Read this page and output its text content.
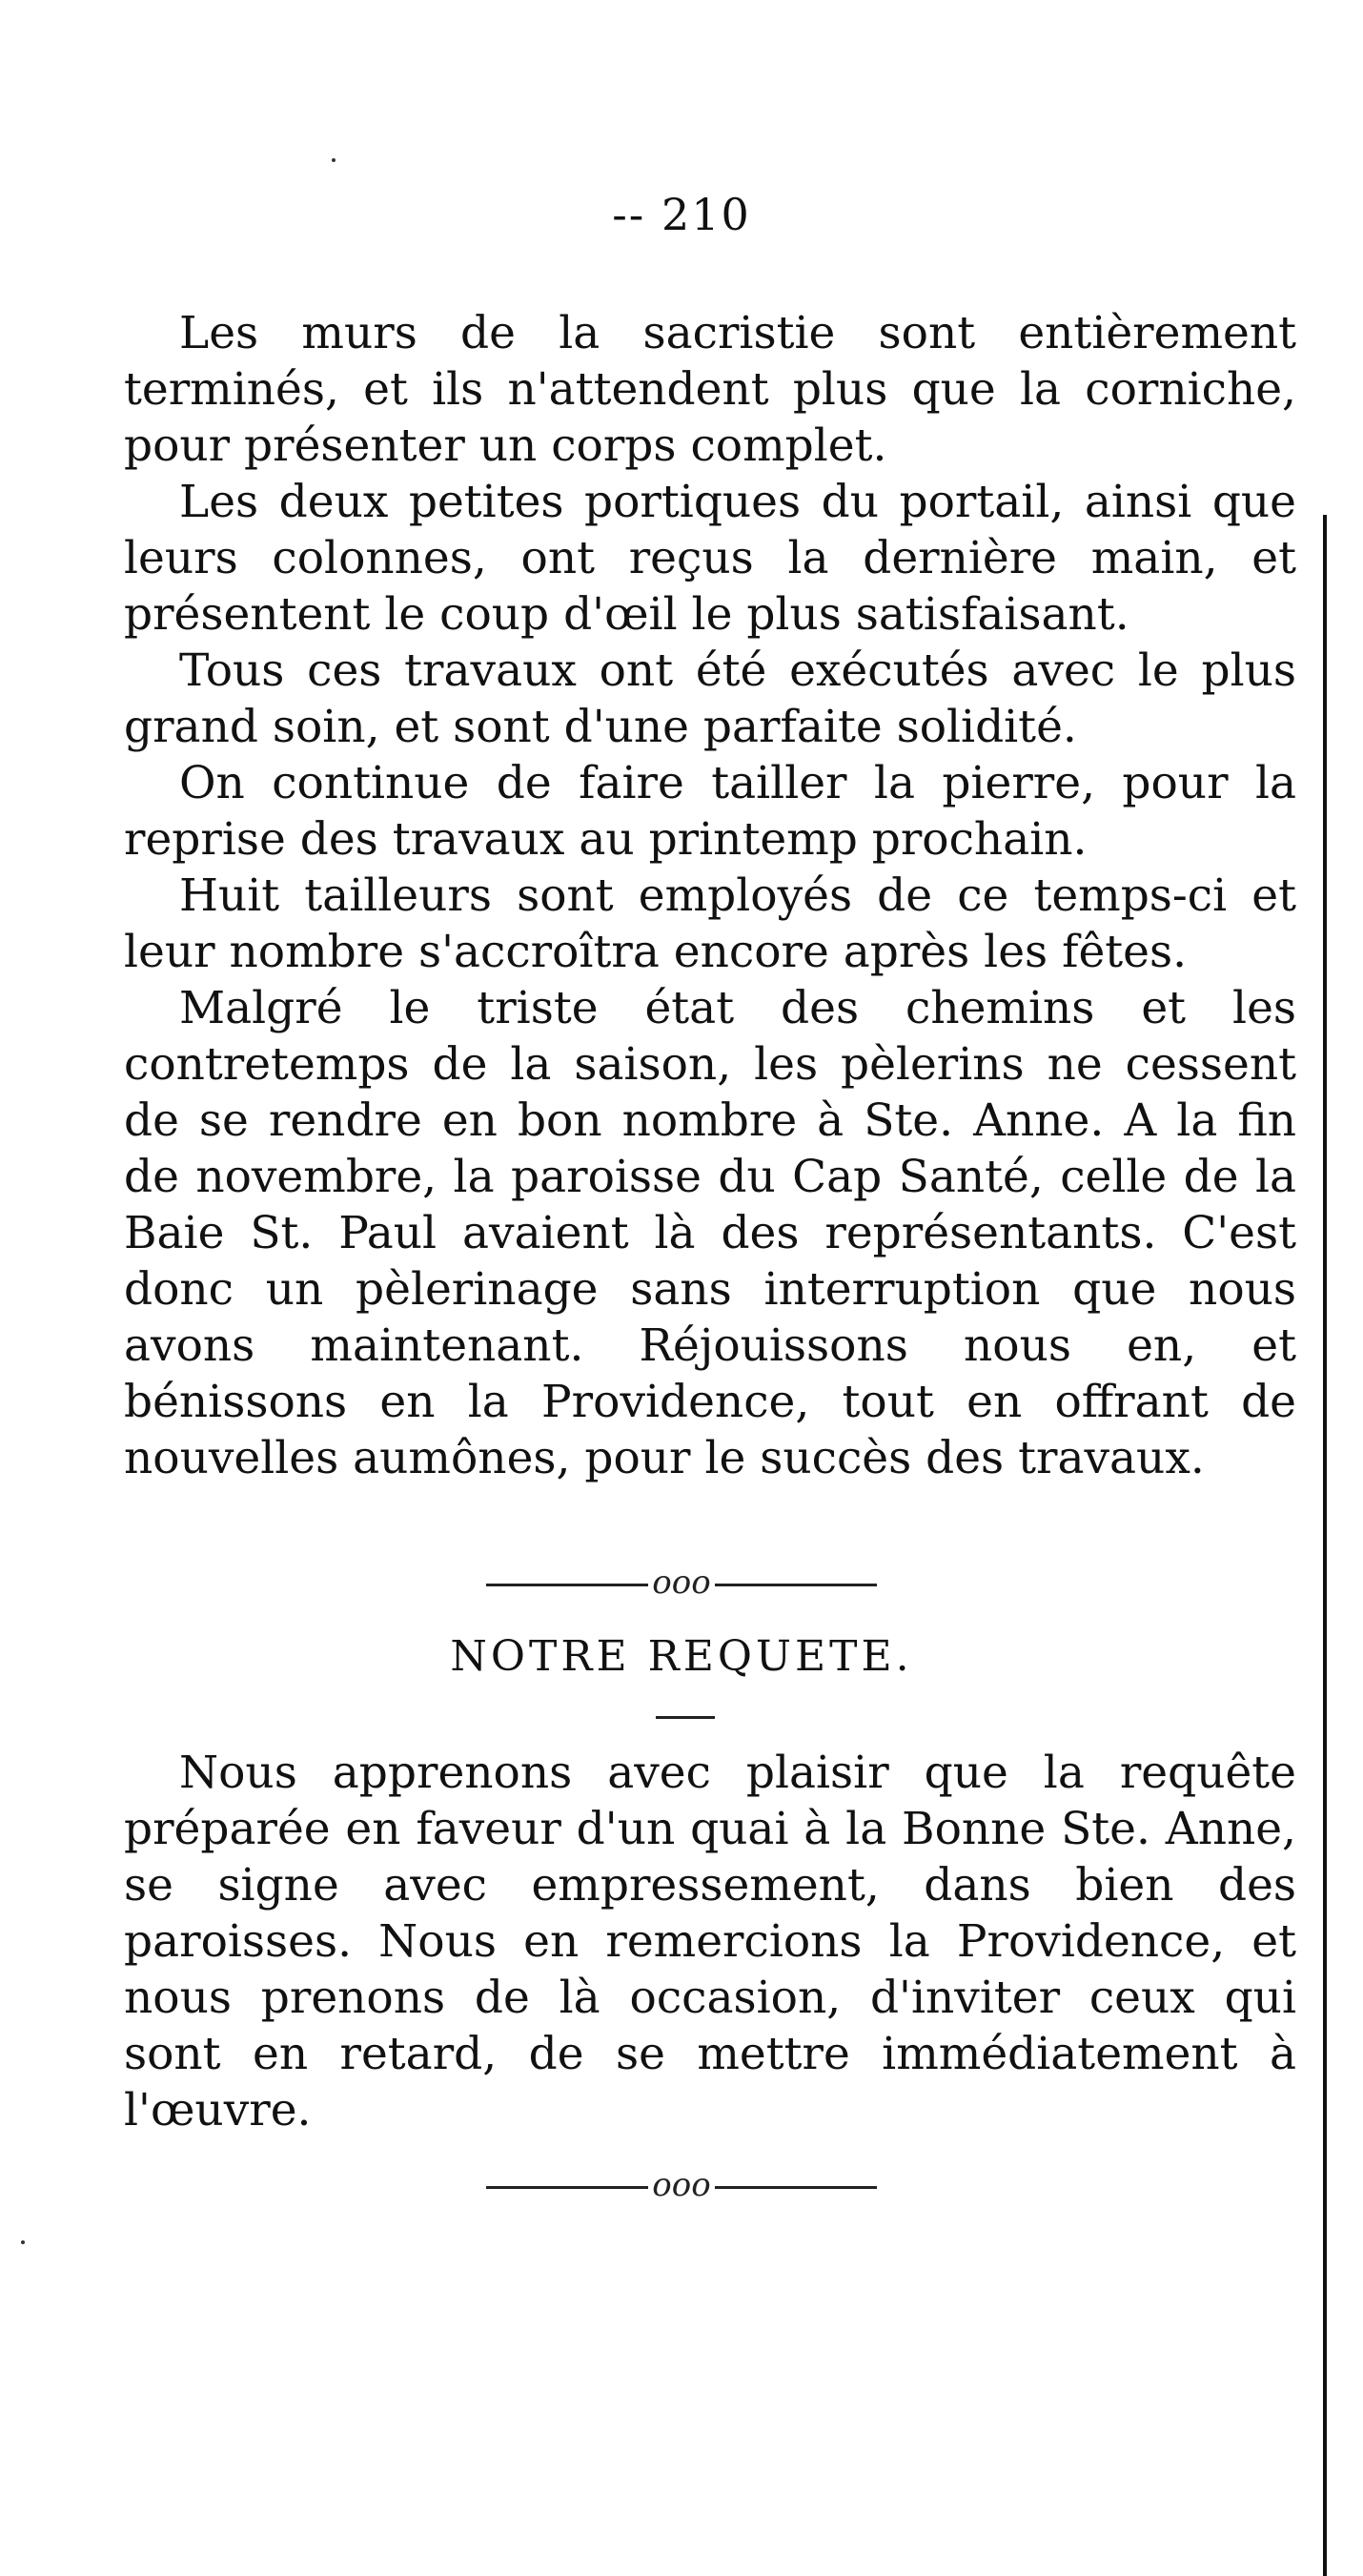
-- 210

Les murs de la sacristie sont entièrement terminés, et ils n'attendent plus que la corniche, pour présenter un corps complet.

Les deux petites portiques du portail, ainsi que leurs colonnes, ont reçus la dernière main, et présentent le coup d'œil le plus satisfaisant.

Tous ces travaux ont été exécutés avec le plus grand soin, et sont d'une parfaite solidité.

On continue de faire tailler la pierre, pour la reprise des travaux au printemp prochain.

Huit tailleurs sont employés de ce temps-ci et leur nombre s'accroîtra encore après les fêtes.

Malgré le triste état des chemins et les contretemps de la saison, les pèlerins ne cessent de se rendre en bon nombre à Ste. Anne. A la fin de novembre, la paroisse du Cap Santé, celle de la Baie St. Paul avaient là des représentants. C'est donc un pèlerinage sans interruption que nous avons maintenant. Réjouissons nous en, et bénissons en la Providence, tout en offrant de nouvelles aumônes, pour le succès des travaux.

ooo
NOTRE REQUETE.

Nous apprenons avec plaisir que la requête préparée en faveur d'un quai à la Bonne Ste. Anne, se signe avec empressement, dans bien des paroisses. Nous en remercions la Providence, et nous prenons de là occasion, d'inviter ceux qui sont en retard, de se mettre immédiatement à l'œuvre.

ooo
